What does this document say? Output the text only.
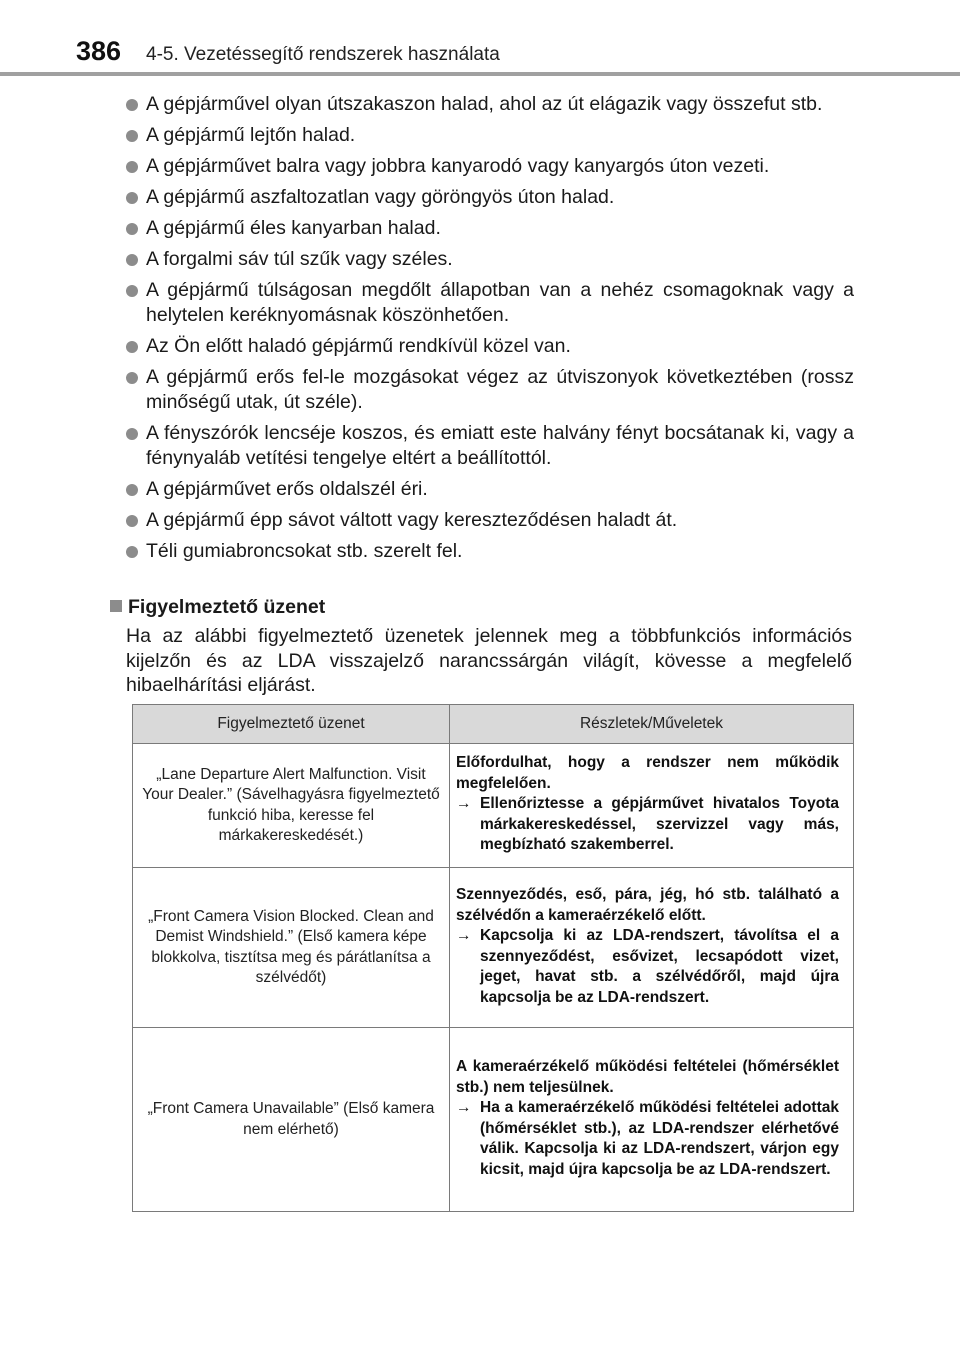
386 4-5. Vezetéssegítő rendszerek használata
A gépjárművel olyan útszakaszon halad, ahol az út elágazik vagy összefut stb.
A gépjármű lejtőn halad.
A gépjárművet balra vagy jobbra kanyarodó vagy kanyargós úton vezeti.
A gépjármű aszfaltozatlan vagy göröngyös úton halad.
A gépjármű éles kanyarban halad.
A forgalmi sáv túl szűk vagy széles.
A gépjármű túlságosan megdőlt állapotban van a nehéz csomagoknak vagy a helytelen keréknyomásnak köszönhetően.
Az Ön előtt haladó gépjármű rendkívül közel van.
A gépjármű erős fel-le mozgásokat végez az útviszonyok következtében (rossz minőségű utak, út széle).
A fényszórók lencséje koszos, és emiatt este halvány fényt bocsátanak ki, vagy a fénynyaláb vetítési tengelye eltért a beállítottól.
A gépjárművet erős oldalszél éri.
A gépjármű épp sávot váltott vagy kereszteződésen haladt át.
Téli gumiabroncsokat stb. szerelt fel.
Figyelmeztető üzenet
Ha az alábbi figyelmeztető üzenetek jelennek meg a többfunkciós információs kijelzőn és az LDA visszajelző narancssárgán világít, kövesse a megfelelő hibaelhárítási eljárást.
Figyelmeztető üzenet	Részletek/Műveletek
„Lane Departure Alert Malfunction. Visit Your Dealer.” (Sávelhagyásra figyelmeztető funkció hiba, keresse fel márkakereskedését.)	Előfordulhat, hogy a rendszer nem működik megfelelően.
→ Ellenőriztesse a gépjárművet hivatalos Toyota márkakereskedéssel, szervizzel vagy más, megbízható szakemberrel.

„Front Camera Vision Blocked. Clean and Demist Windshield.” (Első kamera képe blokkolva, tisztítsa meg és párátlanítsa a szélvédőt)	Szennyeződés, eső, pára, jég, hó stb. található a szélvédőn a kameraérzékelő előtt.
→ Kapcsolja ki az LDA-rendszert, távolítsa el a szennyeződést, esővizet, lecsapódott vizet, jeget, havat stb. a szélvédőről, majd újra kapcsolja be az LDA-rendszert.

„Front Camera Unavailable” (Első kamera nem elérhető)	A kameraérzékelő működési feltételei (hőmérséklet stb.) nem teljesülnek.
→ Ha a kameraérzékelő működési feltételei adottak (hőmérséklet stb.), az LDA-rendszer elérhetővé válik. Kapcsolja ki az LDA-rendszert, várjon egy kicsit, majd újra kapcsolja be az LDA-rendszert.
